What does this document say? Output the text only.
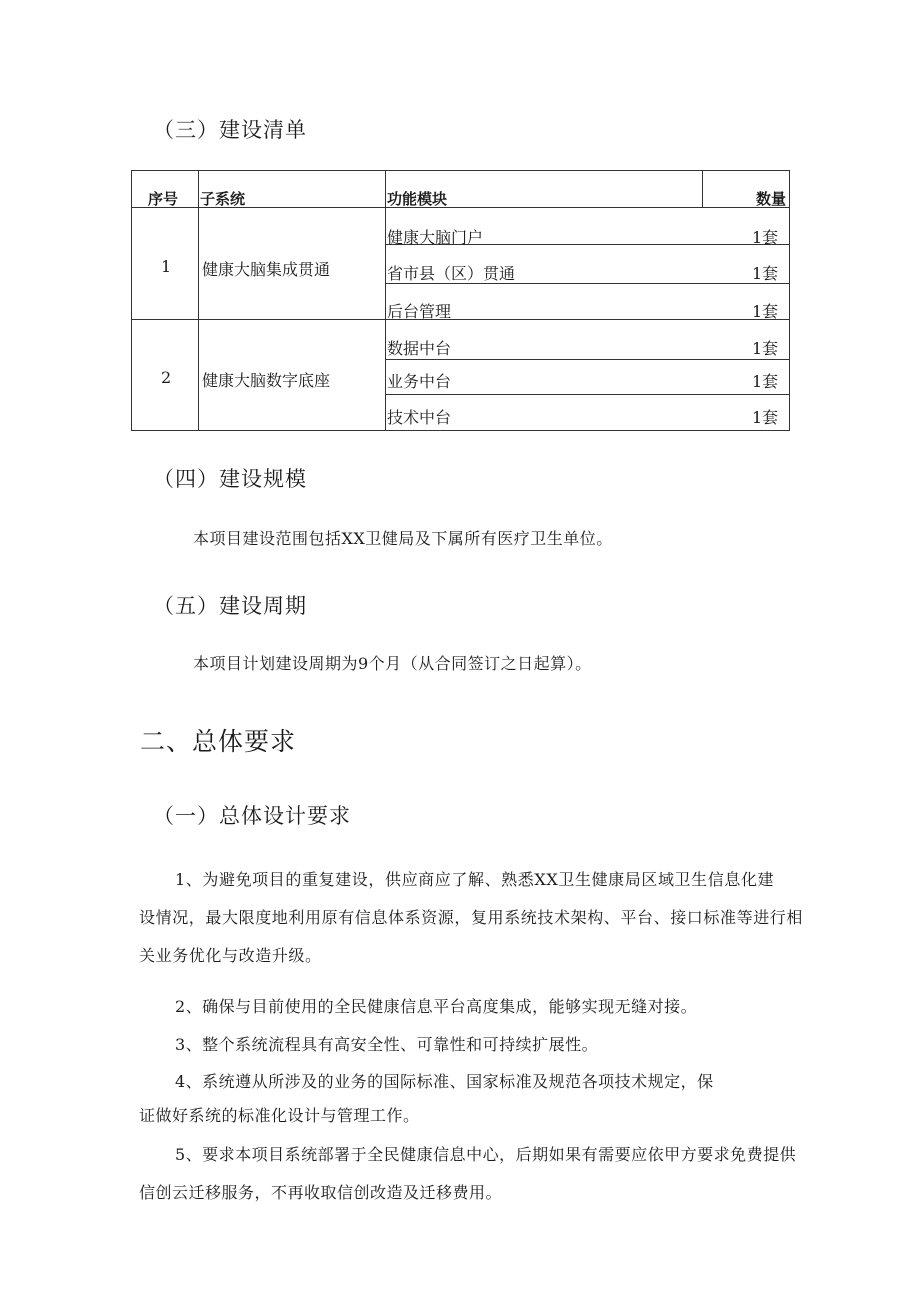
（三）建设清单
序号 子系统	功能模块	数量
1 健康大脑集成贯通
健康大脑门户	1套
省市县（区）贯通	1套
后台管理	1套
2 健康大脑数字底座
数据中台	1套
业务中台	1套
技术中台	1套
（四）建设规模
本项目建设范围包括XX卫健局及下属所有医疗卫生单位。
（五）建设周期
本项目计划建设周期为9个月（从合同签订之日起算）。
二、总体要求
（一）总体设计要求
1、为避免项目的重复建设，供应商应了解、熟悉XX卫生健康局区域卫生信息化建
设情况，最大限度地利用原有信息体系资源，复用系统技术架构、平台、接口标准等进行相
关业务优化与改造升级。
2、确保与目前使用的全民健康信息平台高度集成，能够实现无缝对接。
3、整个系统流程具有高安全性、可靠性和可持续扩展性。
4、系统遵从所涉及的业务的国际标准、国家标准及规范各项技术规定，保
证做好系统的标准化设计与管理工作。
5、要求本项目系统部署于全民健康信息中心，后期如果有需要应依甲方要求免费提供
信创云迁移服务，不再收取信创改造及迁移费用。
